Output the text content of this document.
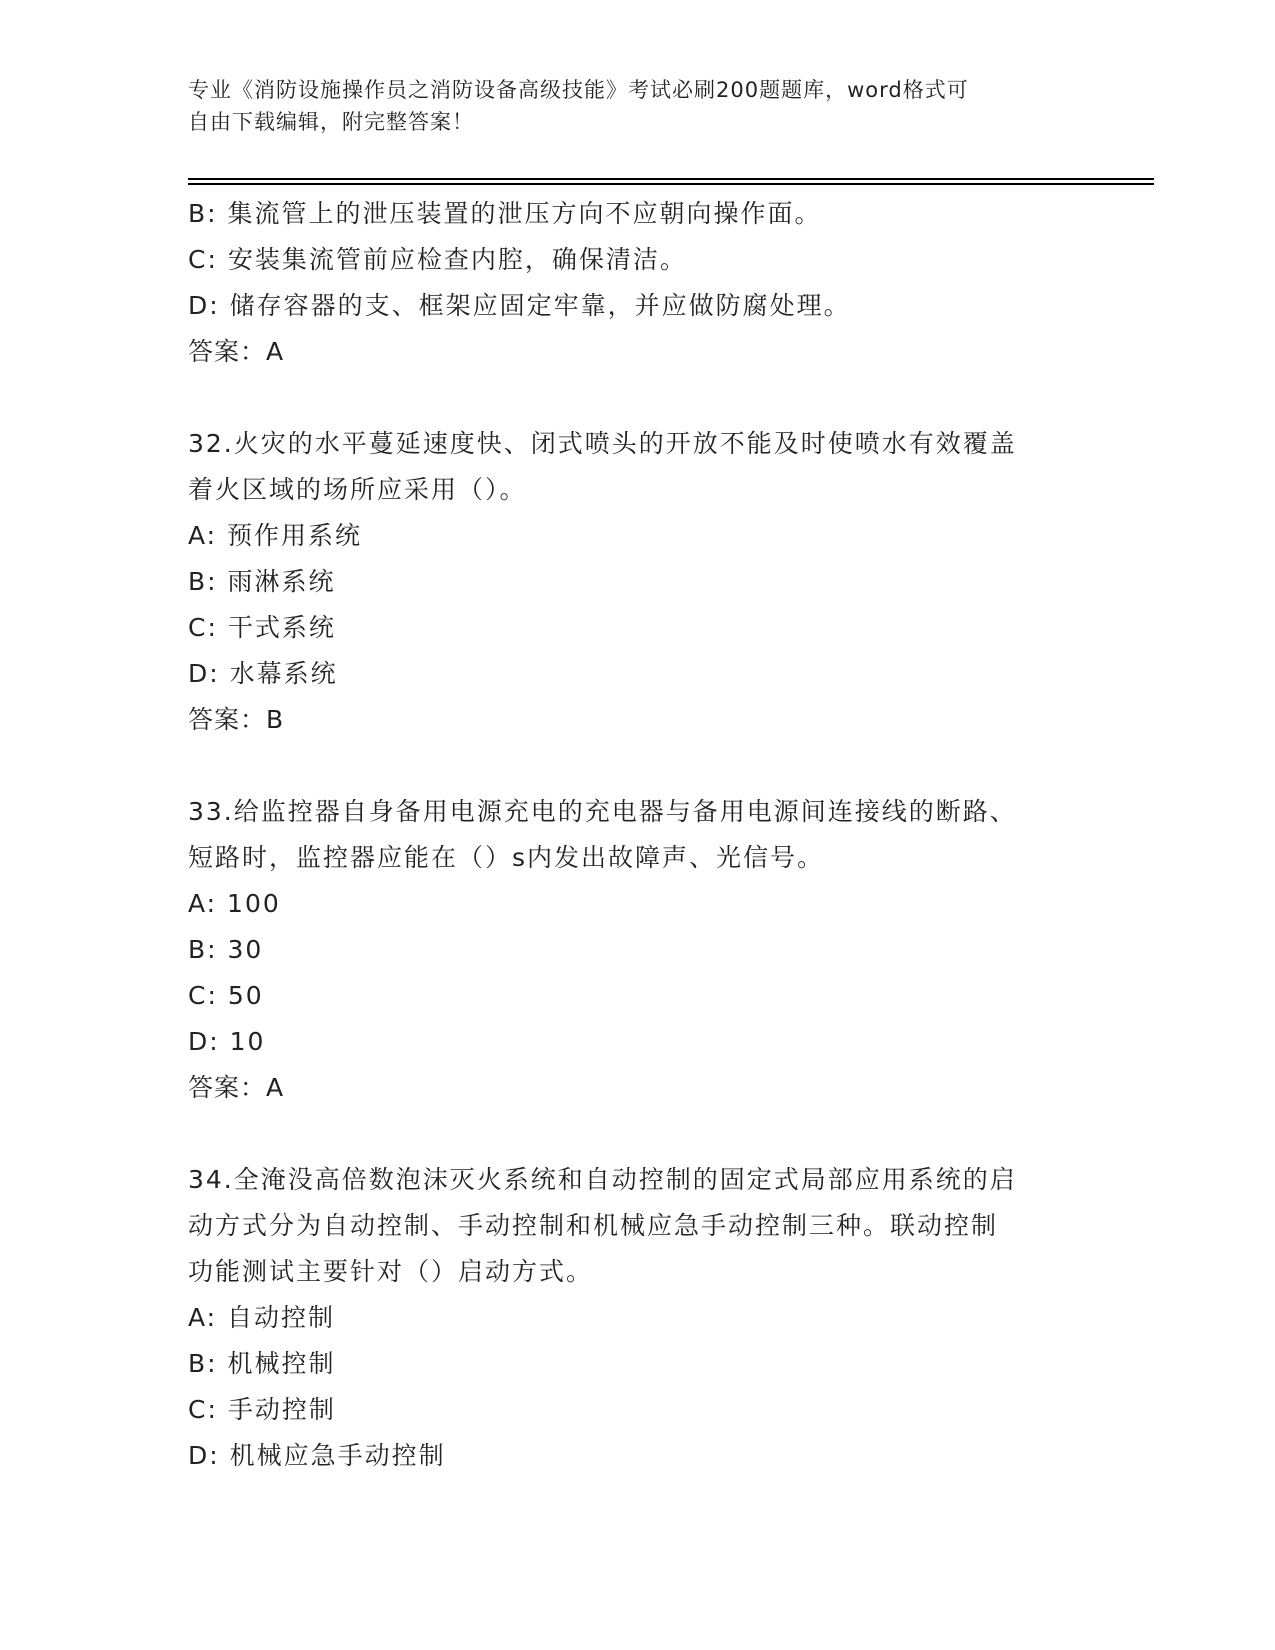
专业《消防设施操作员之消防设备高级技能》考试必刷200题题库，word格式可
自由下载编辑，附完整答案！
B: 集流管上的泄压装置的泄压方向不应朝向操作面。
C: 安装集流管前应检查内腔，确保清洁。
D: 储存容器的支、框架应固定牢靠，并应做防腐处理。
答案：A
32.火灾的水平蔓延速度快、闭式喷头的开放不能及时使喷水有效覆盖
着火区域的场所应采用（）。
A: 预作用系统
B: 雨淋系统
C: 干式系统
D: 水幕系统
答案：B
33.给监控器自身备用电源充电的充电器与备用电源间连接线的断路、
短路时，监控器应能在（）s内发出故障声、光信号。
A: 100
B: 30
C: 50
D: 10
答案：A
34.全淹没高倍数泡沫灭火系统和自动控制的固定式局部应用系统的启
动方式分为自动控制、手动控制和机械应急手动控制三种。联动控制
功能测试主要针对（）启动方式。
A: 自动控制
B: 机械控制
C: 手动控制
D: 机械应急手动控制
